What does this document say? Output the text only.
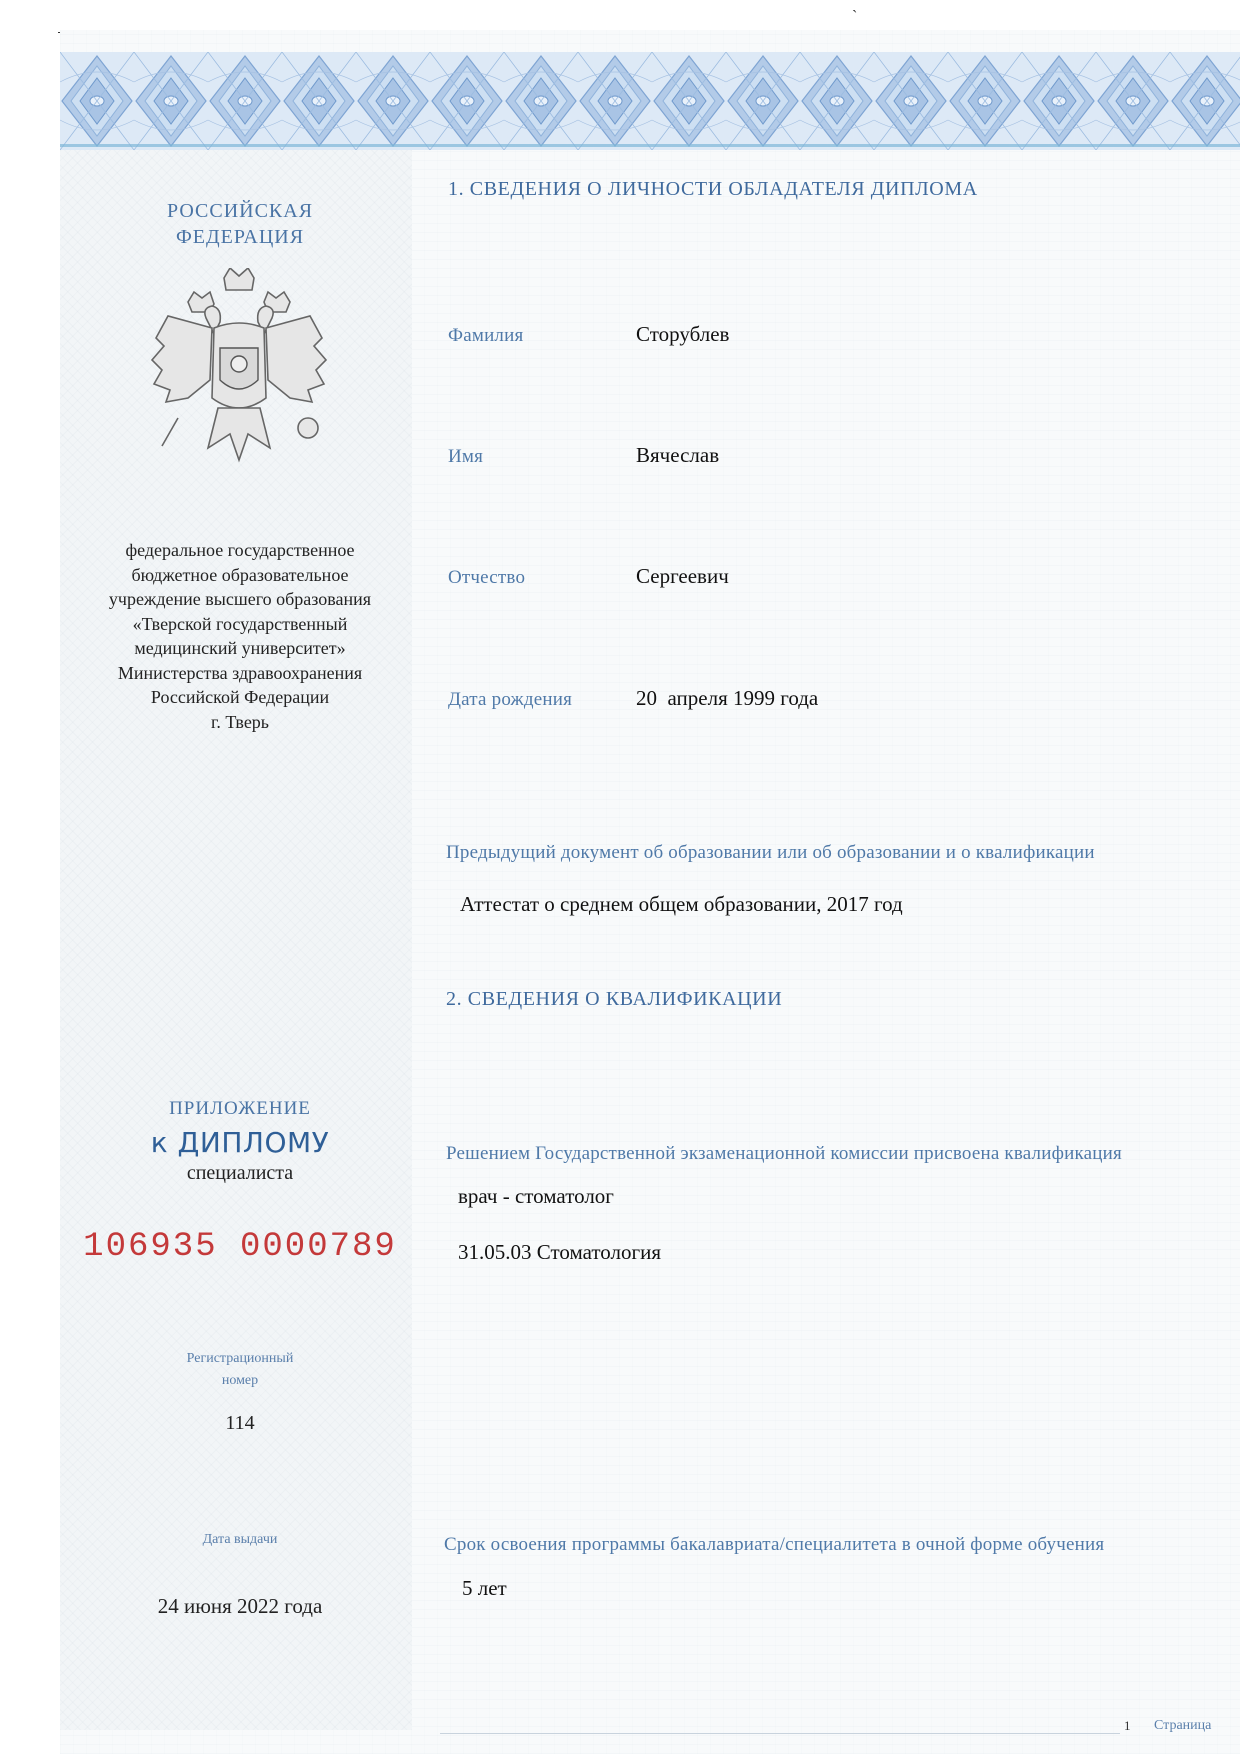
ˋ
РОССИЙСКАЯ
ФЕДЕРАЦИЯ
федеральное государственное бюджетное образовательное учреждение высшего образования «Тверской государственный медицинский университет» Министерства здравоохранения Российской Федерации
г. Тверь
ПРИЛОЖЕНИЕ
к ДИПЛОМУ
специалиста
106935 0000789
Регистрационный
номер
114
Дата выдачи
24 июня 2022 года
1. СВЕДЕНИЯ О ЛИЧНОСТИ ОБЛАДАТЕЛЯ ДИПЛОМА
Фамилия	Сторублев
Имя	Вячеслав
Отчество	Сергеевич
Дата рождения	20  апреля 1999 года
Предыдущий документ об образовании или об образовании и о квалификации
Аттестат о среднем общем образовании, 2017 год
2. СВЕДЕНИЯ О КВАЛИФИКАЦИИ
Решением Государственной экзаменационной комиссии присвоена квалификация
врач - стоматолог
31.05.03 Стоматология
Срок освоения программы бакалавриата/специалитета в очной форме обучения
5 лет
1 Страница
